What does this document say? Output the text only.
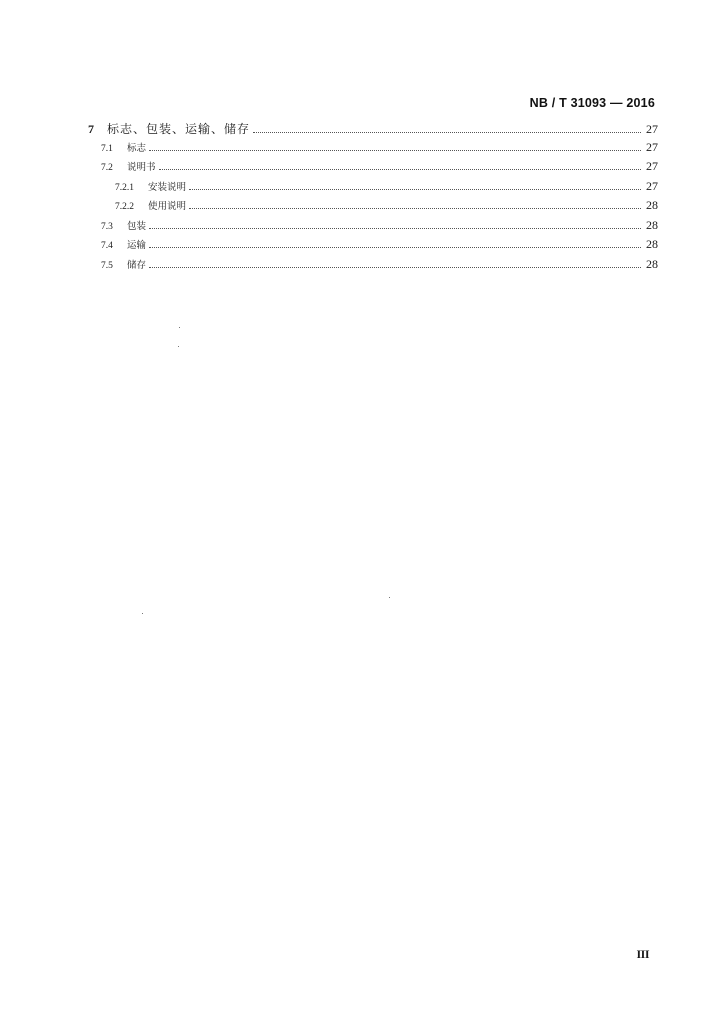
NB / T 31093 — 2016
7	标志、包装、运输、储存	27
7.1	标志	27
7.2	说明书	27
7.2.1	安装说明	27
7.2.2	使用说明	28
7.3	包装	28
7.4	运输	28
7.5	储存	28
III
